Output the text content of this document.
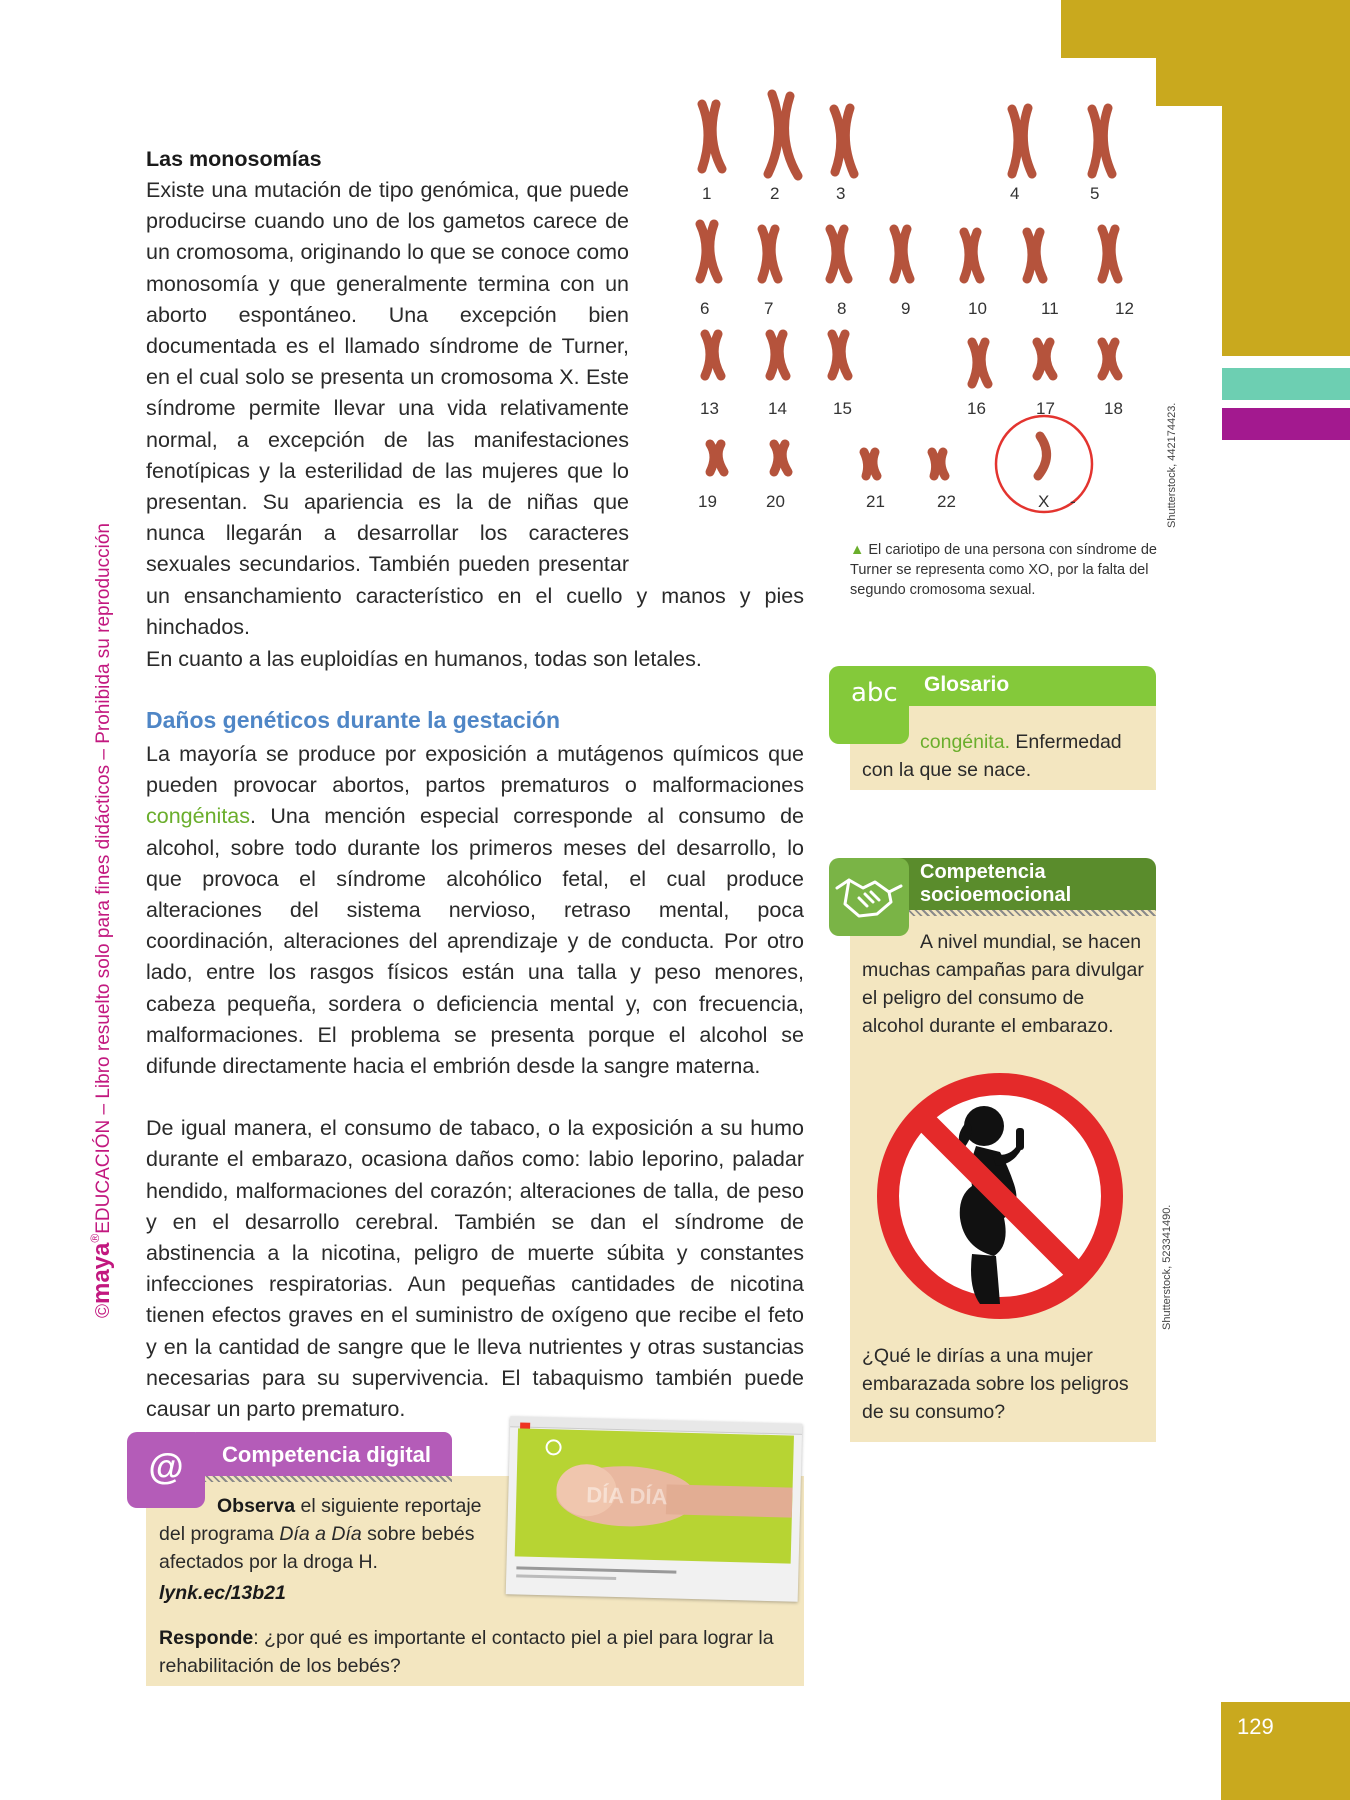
129
©maya®EDUCACIÓN – Libro resuelto solo para fines didácticos – Prohibida su reproducción
Las monosomías

Existe una mutación de tipo genómica, que puede producirse cuando uno de los gametos carece de un cromosoma, originando lo que se conoce como monosomía y que generalmente termina con un aborto espontáneo. Una excepción bien documentada es el llamado síndrome de Turner, en el cual solo se presenta un cromosoma X. Este síndrome permite llevar una vida relativamente normal, a excepción de las manifestaciones fenotípicas y la esterilidad de las mujeres que lo presentan. Su apariencia es la de niñas que nunca llegarán a desarrollar los caracteres sexuales secundarios. También pueden presentar un ensanchamiento característico en el cuello y manos y pies hinchados.

1	2	3	4	5
6	7	8	9	10	11	12
13	14	15	16	17	18
19	20	21	22	X -	Shutterstock, 442174423.
▲ El cariotipo de una persona con síndrome de Turner se representa como XO, por la falta del segundo cromosoma sexual.
En cuanto a las euploidías en humanos, todas son letales.
Daños genéticos durante la gestación

La mayoría se produce por exposición a mutágenos químicos que pueden provocar abortos, partos prematuros o malformaciones congénitas. Una mención especial corresponde al consumo de alcohol, sobre todo durante los primeros meses del desarrollo, lo que provoca el síndrome alcohólico fetal, el cual produce alteraciones del sistema nervioso, retraso mental, poca coordinación, alteraciones del aprendizaje y de conducta. Por otro lado, entre los rasgos físicos están una talla y peso menores, cabeza pequeña, sordera o deficiencia mental y, con frecuencia, malformaciones. El problema se presenta porque el alcohol se difunde directamente hacia el embrión desde la sangre materna.

De igual manera, el consumo de tabaco, o la exposición a su humo durante el embarazo, ocasiona daños como: labio leporino, paladar hendido, malformaciones del corazón; alteraciones de talla, de peso y en el desarrollo cerebral. También se dan el síndrome de abstinencia a la nicotina, peligro de muerte súbita y constantes infecciones respiratorias. Aun pequeñas cantidades de nicotina tienen efectos graves en el suministro de oxígeno que recibe el feto y en la cantidad de sangre que le lleva nutrientes y otras sustancias necesarias para su supervivencia. El tabaquismo también puede causar un parto prematuro.

Glosario
abc
congénita. Enfermedad con la que se nace.
Competencia
socioemocional
A nivel mundial, se hacen muchas campañas para divulgar el peligro del consumo de alcohol durante el embarazo.
Shutterstock, 523341490.
¿Qué le dirías a una mujer embarazada sobre los peligros de su consumo?
Competencia digital
@
Observa el siguiente reportaje del programa Día a Día sobre bebés afectados por la droga H.
lynk.ec/13b21
DÍA DÍA
Responde: ¿por qué es importante el contacto piel a piel para lograr la rehabilitación de los bebés?
